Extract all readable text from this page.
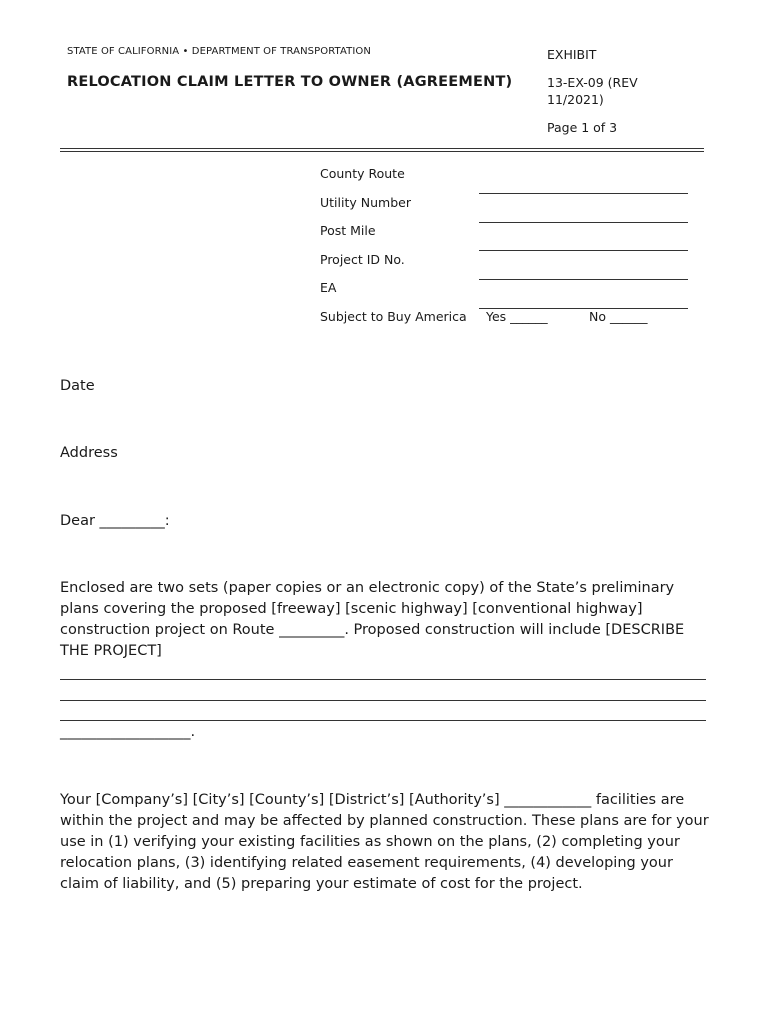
STATE OF CALIFORNIA • DEPARTMENT OF TRANSPORTATION
RELOCATION CLAIM LETTER TO OWNER (AGREEMENT)
EXHIBIT
13-EX-09 (REV 11/2021)
Page 1 of 3
County Route
Utility Number
Post Mile
Project ID No.
EA
Subject to Buy America Yes ______	No ______
Date
Address
Dear _________:
Enclosed are two sets (paper copies or an electronic copy) of the State’s preliminary plans covering the proposed [freeway] [scenic highway] [conventional highway] construction project on Route _________. Proposed construction will include [DESCRIBE THE PROJECT]
__________________.
Your [Company’s] [City’s] [County’s] [District’s] [Authority’s] ____________ facilities are within the project and may be affected by planned construction. These plans are for your use in (1) verifying your existing facilities as shown on the plans, (2) completing your relocation plans, (3) identifying related easement requirements, (4) developing your claim of liability, and (5) preparing your estimate of cost for the project.
